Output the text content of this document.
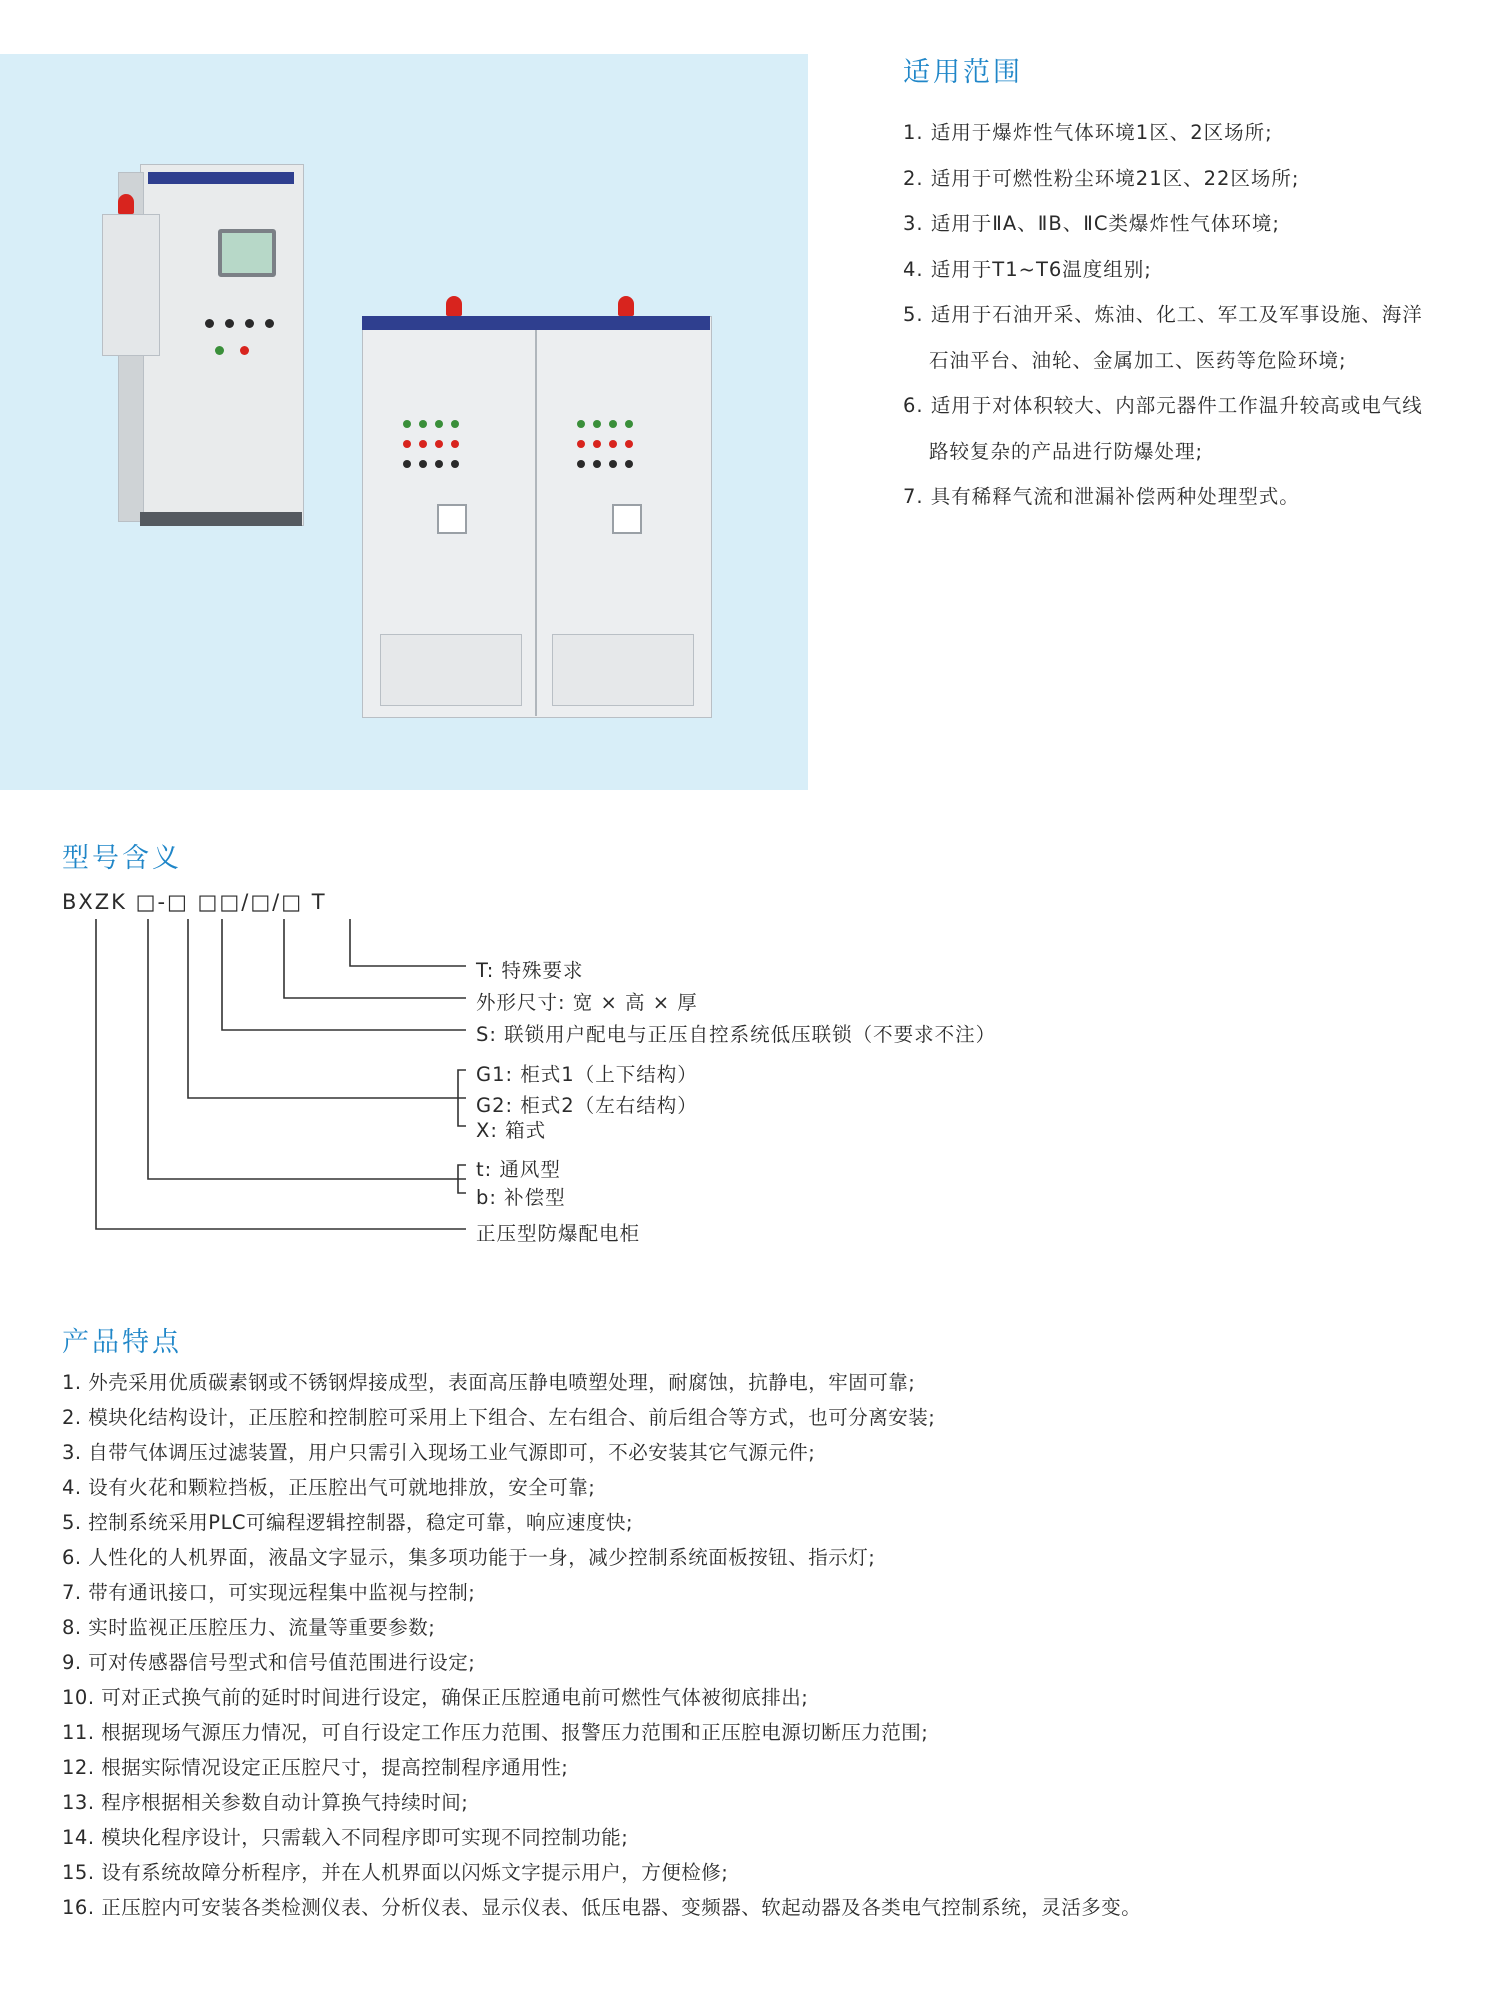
适用范围
1. 适用于爆炸性气体环境1区、2区场所;
2. 适用于可燃性粉尘环境21区、22区场所;
3. 适用于ⅡA、ⅡB、ⅡC类爆炸性气体环境;
4. 适用于T1~T6温度组别;
5. 适用于石油开采、炼油、化工、军工及军事设施、海洋石油平台、油轮、金属加工、医药等危险环境;
6. 适用于对体积较大、内部元器件工作温升较高或电气线路较复杂的产品进行防爆处理;
7. 具有稀释气流和泄漏补偿两种处理型式。
型号含义
BXZK □-□ □□/□/□ T
T: 特殊要求
外形尺寸: 宽 × 高 × 厚
S: 联锁用户配电与正压自控系统低压联锁（不要求不注）
G1: 柜式1（上下结构）
G2: 柜式2（左右结构）
X: 箱式
t: 通风型
b: 补偿型
正压型防爆配电柜
产品特点
1. 外壳采用优质碳素钢或不锈钢焊接成型，表面高压静电喷塑处理，耐腐蚀，抗静电，牢固可靠;
2. 模块化结构设计，正压腔和控制腔可采用上下组合、左右组合、前后组合等方式，也可分离安装;
3. 自带气体调压过滤装置，用户只需引入现场工业气源即可，不必安装其它气源元件;
4. 设有火花和颗粒挡板，正压腔出气可就地排放，安全可靠;
5. 控制系统采用PLC可编程逻辑控制器，稳定可靠，响应速度快;
6. 人性化的人机界面，液晶文字显示，集多项功能于一身，减少控制系统面板按钮、指示灯;
7. 带有通讯接口，可实现远程集中监视与控制;
8. 实时监视正压腔压力、流量等重要参数;
9. 可对传感器信号型式和信号值范围进行设定;
10. 可对正式换气前的延时时间进行设定，确保正压腔通电前可燃性气体被彻底排出;
11. 根据现场气源压力情况，可自行设定工作压力范围、报警压力范围和正压腔电源切断压力范围;
12. 根据实际情况设定正压腔尺寸，提高控制程序通用性;
13. 程序根据相关参数自动计算换气持续时间;
14. 模块化程序设计，只需载入不同程序即可实现不同控制功能;
15. 设有系统故障分析程序，并在人机界面以闪烁文字提示用户，方便检修;
16. 正压腔内可安装各类检测仪表、分析仪表、显示仪表、低压电器、变频器、软起动器及各类电气控制系统，灵活多变。
